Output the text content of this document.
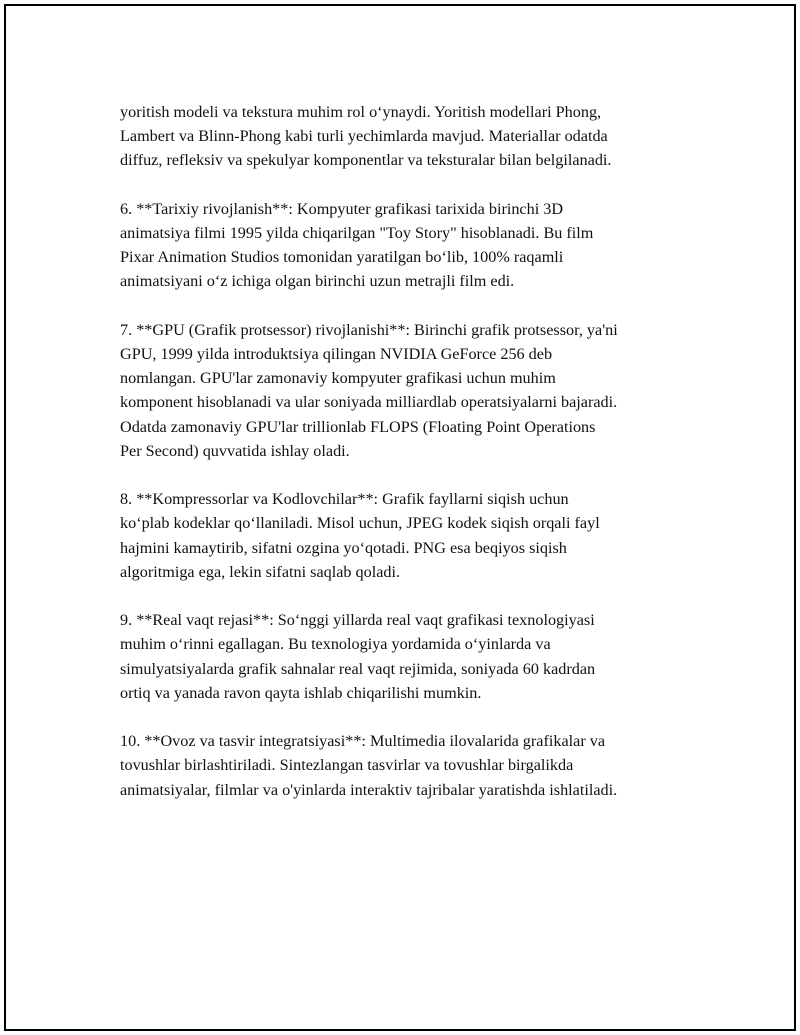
yoritish modeli va tekstura muhim rol o‘ynaydi. Yoritish modellari Phong,
Lambert va Blinn-Phong kabi turli yechimlarda mavjud. Materiallar odatda
diffuz, refleksiv va spekulyar komponentlar va teksturalar bilan belgilanadi.

6. **Tarixiy rivojlanish**: Kompyuter grafikasi tarixida birinchi 3D
animatsiya filmi 1995 yilda chiqarilgan "Toy Story" hisoblanadi. Bu film
Pixar Animation Studios tomonidan yaratilgan bo‘lib, 100% raqamli
animatsiyani o‘z ichiga olgan birinchi uzun metrajli film edi.

7. **GPU (Grafik protsessor) rivojlanishi**: Birinchi grafik protsessor, ya'ni
GPU, 1999 yilda introduktsiya qilingan NVIDIA GeForce 256 deb
nomlangan. GPU'lar zamonaviy kompyuter grafikasi uchun muhim
komponent hisoblanadi va ular soniyada milliardlab operatsiyalarni bajaradi.
Odatda zamonaviy GPU'lar trillionlab FLOPS (Floating Point Operations
Per Second) quvvatida ishlay oladi.

8. **Kompressorlar va Kodlovchilar**: Grafik fayllarni siqish uchun
ko‘plab kodeklar qo‘llaniladi. Misol uchun, JPEG kodek siqish orqali fayl
hajmini kamaytirib, sifatni ozgina yo‘qotadi. PNG esa beqiyos siqish
algoritmiga ega, lekin sifatni saqlab qoladi.

9. **Real vaqt rejasi**: So‘nggi yillarda real vaqt grafikasi texnologiyasi
muhim o‘rinni egallagan. Bu texnologiya yordamida o‘yinlarda va
simulyatsiyalarda grafik sahnalar real vaqt rejimida, soniyada 60 kadrdan
ortiq va yanada ravon qayta ishlab chiqarilishi mumkin.

10. **Ovoz va tasvir integratsiyasi**: Multimedia ilovalarida grafikalar va
tovushlar birlashtiriladi. Sintezlangan tasvirlar va tovushlar birgalikda
animatsiyalar, filmlar va o'yinlarda interaktiv tajribalar yaratishda ishlatiladi.
